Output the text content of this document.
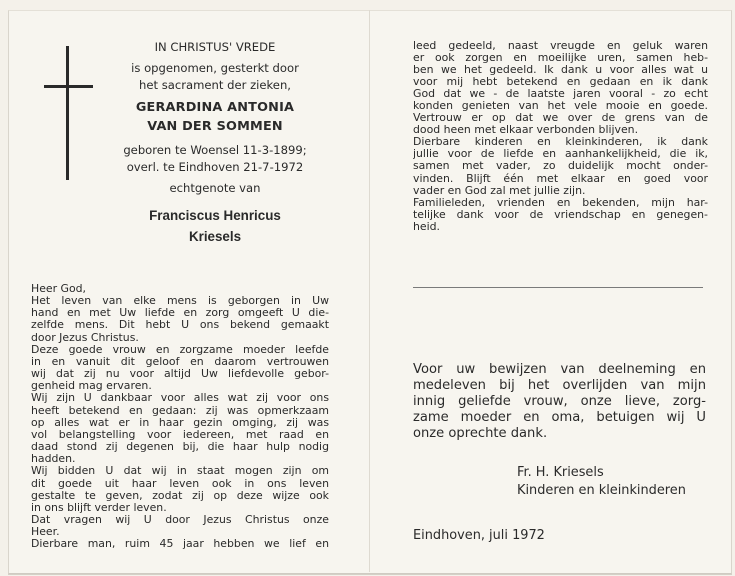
IN CHRISTUS' VREDE
is opgenomen, gesterkt door
het sacrament der zieken,
GERARDINA ANTONIA
VAN DER SOMMEN
geboren te Woensel 11-3-1899;
overl. te Eindhoven 21-7-1972
echtgenote van
Franciscus Henricus
Kriesels
Heer God,
Het leven van elke mens is geborgen in Uw
hand en met Uw liefde en zorg omgeeft U die-
zelfde mens. Dit hebt U ons bekend gemaakt
door Jezus Christus.
Deze goede vrouw en zorgzame moeder leefde
in en vanuit dit geloof en daarom vertrouwen
wij dat zij nu voor altijd Uw liefdevolle gebor-
genheid mag ervaren.
Wij zijn U dankbaar voor alles wat zij voor ons
heeft betekend en gedaan: zij was opmerkzaam
op alles wat er in haar gezin omging, zij was
vol belangstelling voor iedereen, met raad en
daad stond zij degenen bij, die haar hulp nodig
hadden.
Wij bidden U dat wij in staat mogen zijn om
dit goede uit haar leven ook in ons leven
gestalte te geven, zodat zij op deze wijze ook
in ons blijft verder leven.
Dat vragen wij U door Jezus Christus onze
Heer.
Dierbare man, ruim 45 jaar hebben we lief en
leed gedeeld, naast vreugde en geluk waren
er ook zorgen en moeilijke uren, samen heb-
ben we het gedeeld. Ik dank u voor alles wat u
voor mij hebt betekend en gedaan en ik dank
God dat we - de laatste jaren vooral - zo echt
konden genieten van het vele mooie en goede.
Vertrouw er op dat we over de grens van de
dood heen met elkaar verbonden blijven.
Dierbare kinderen en kleinkinderen, ik dank
jullie voor de liefde en aanhankelijkheid, die ik,
samen met vader, zo duidelijk mocht onder-
vinden. Blijft één met elkaar en goed voor
vader en God zal met jullie zijn.
Familieleden, vrienden en bekenden, mijn har-
telijke dank voor de vriendschap en genegen-
heid.
Voor uw bewijzen van deelneming en
medeleven bij het overlijden van mijn
innig geliefde vrouw, onze lieve, zorg-
zame moeder en oma, betuigen wij U
onze oprechte dank.
Fr. H. Kriesels
Kinderen en kleinkinderen
Eindhoven, juli 1972
